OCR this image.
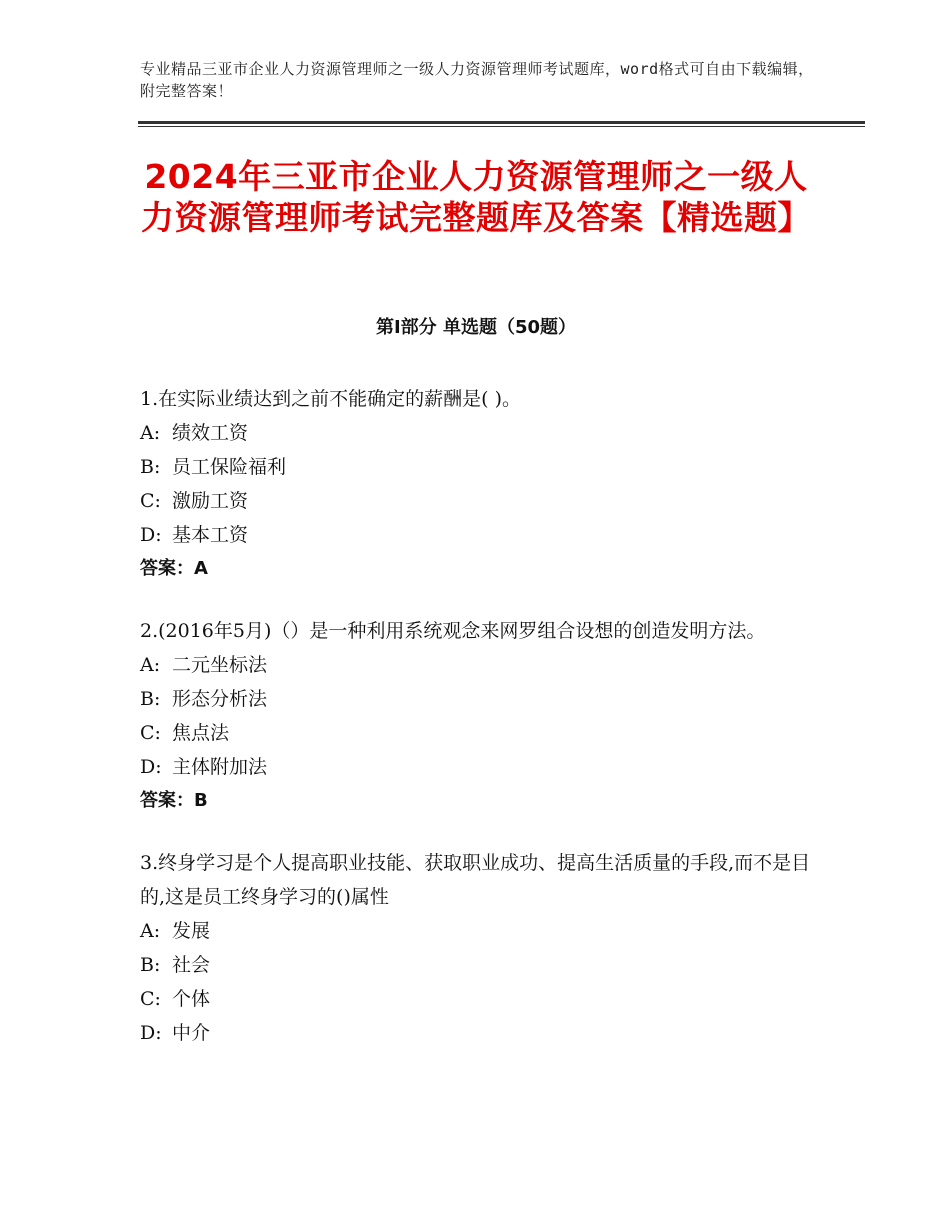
专业精品三亚市企业人力资源管理师之一级人力资源管理师考试题库，word格式可自由下载编辑，附完整答案！
2024年三亚市企业人力资源管理师之一级人力资源管理师考试完整题库及答案【精选题】
第Ⅰ部分 单选题（50题）
1.在实际业绩达到之前不能确定的薪酬是( )。
A: 绩效工资
B: 员工保险福利
C: 激励工资
D: 基本工资
答案：A
2.(2016年5月)（）是一种利用系统观念来网罗组合设想的创造发明方法。
A: 二元坐标法
B: 形态分析法
C: 焦点法
D: 主体附加法
答案：B
3.终身学习是个人提高职业技能、获取职业成功、提高生活质量的手段,而不是目的,这是员工终身学习的()属性
A: 发展
B: 社会
C: 个体
D: 中介
